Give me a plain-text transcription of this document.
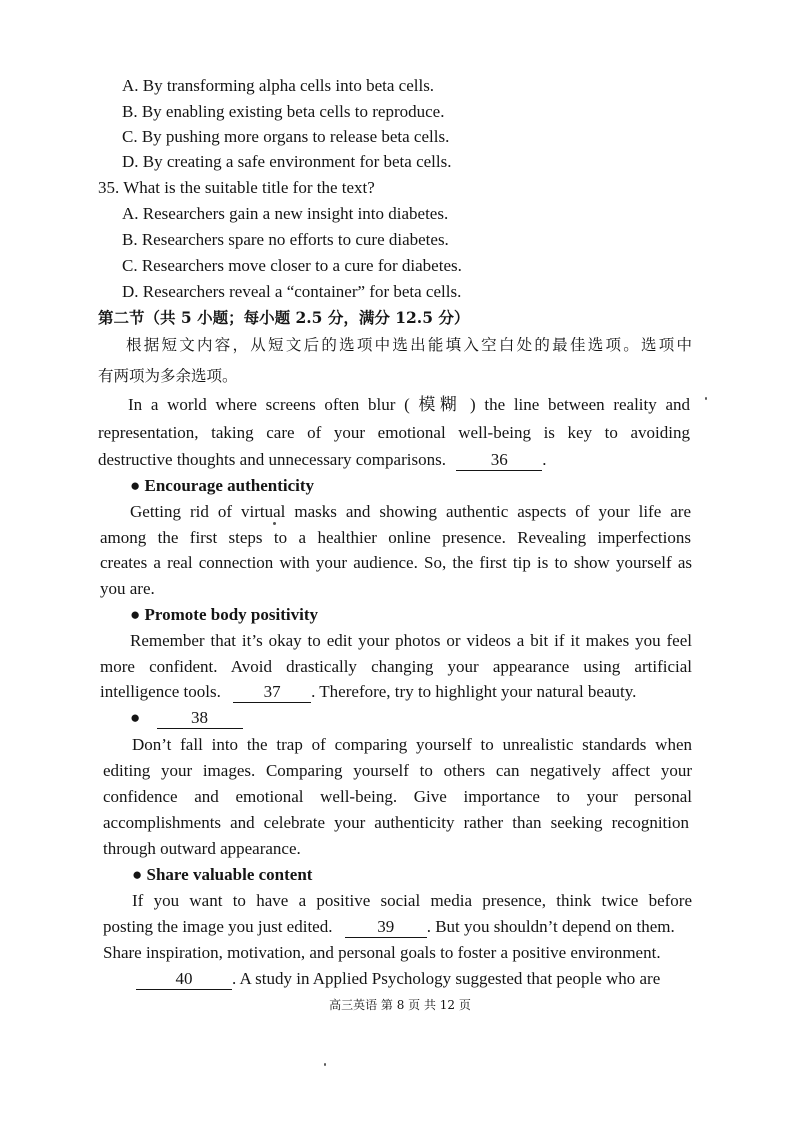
A. By transforming alpha cells into beta cells.
B. By enabling existing beta cells to reproduce.
C. By pushing more organs to release beta cells.
D. By creating a safe environment for beta cells.
35. What is the suitable title for the text?
A. Researchers gain a new insight into diabetes.
B. Researchers spare no efforts to cure diabetes.
C. Researchers move closer to a cure for diabetes.
D. Researchers reveal a “container” for beta cells.
第二节（共 5 小题；每小题 2.5 分，满分 12.5 分）
根据短文内容，从短文后的选项中选出能填入空白处的最佳选项。选项中
有两项为多余选项。
In a world where screens often blur ( 模糊 ) the line between reality and
representation, taking care of your emotional well-being is key to avoiding
destructive thoughts and unnecessary comparisons.	36 .
● Encourage authenticity
Getting rid of virtual masks and showing authentic aspects of your life are
among the first steps to a healthier online presence. Revealing imperfections
creates a real connection with your audience. So, the first tip is to show yourself as
you are.
● Promote body positivity
Remember that it’s okay to edit your photos or videos a bit if it makes you feel
more confident. Avoid drastically changing your appearance using artificial
intelligence tools.	37 . Therefore, try to highlight your natural beauty.
●	38
Don’t fall into the trap of comparing yourself to unrealistic standards when
editing your images. Comparing yourself to others can negatively affect your
confidence and emotional well-being. Give importance to your personal
accomplishments and celebrate your authenticity rather than seeking recognition
through outward appearance.
● Share valuable content
If you want to have a positive social media presence, think twice before
posting the image you just edited.	39 . But you shouldn’t depend on them.
Share inspiration, motivation, and personal goals to foster a positive environment.
40 . A study in Applied Psychology suggested that people who are
高三英语 第 8 页 共 12 页
